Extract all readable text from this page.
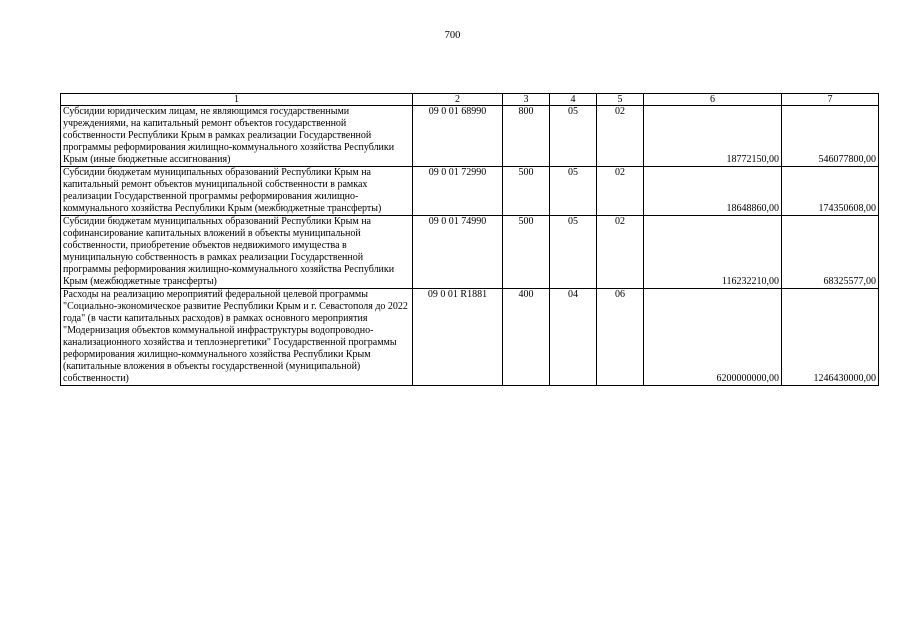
700
1	2	3	4	5	6	7
Субсидии юридическим лицам, не являющимся государственными учреждениями, на капитальный ремонт объектов государственной собственности Республики Крым в рамках реализации Государственной программы реформирования жилищно-коммунального хозяйства Республики Крым (иные бюджетные ассигнования)	09 0 01 68990	800	05	02	18772150,00	546077800,00
Субсидии бюджетам муниципальных образований Республики Крым на капитальный ремонт объектов муниципальной собственности в рамках реализации Государственной программы реформирования жилищно-коммунального хозяйства Республики Крым (межбюджетные трансферты)	09 0 01 72990	500	05	02	18648860,00	174350608,00
Субсидии бюджетам муниципальных образований Республики Крым на софинансирование капитальных вложений в объекты муниципальной собственности, приобретение объектов недвижимого имущества в муниципальную собственность в рамках реализации Государственной программы реформирования жилищно-коммунального хозяйства Республики Крым (межбюджетные трансферты)	09 0 01 74990	500	05	02	116232210,00	68325577,00
Расходы на реализацию мероприятий федеральной целевой программы "Социально-экономическое развитие Республики Крым и г. Севастополя до 2022 года" (в части капитальных расходов) в рамках основного мероприятия "Модернизация объектов коммунальной инфраструктуры водопроводно-канализационного хозяйства и теплоэнергетики" Государственной программы реформирования жилищно-коммунального хозяйства Республики Крым (капитальные вложения в объекты государственной (муниципальной) собственности)	09 0 01 R1881	400	04	06	6200000000,00	1246430000,00
